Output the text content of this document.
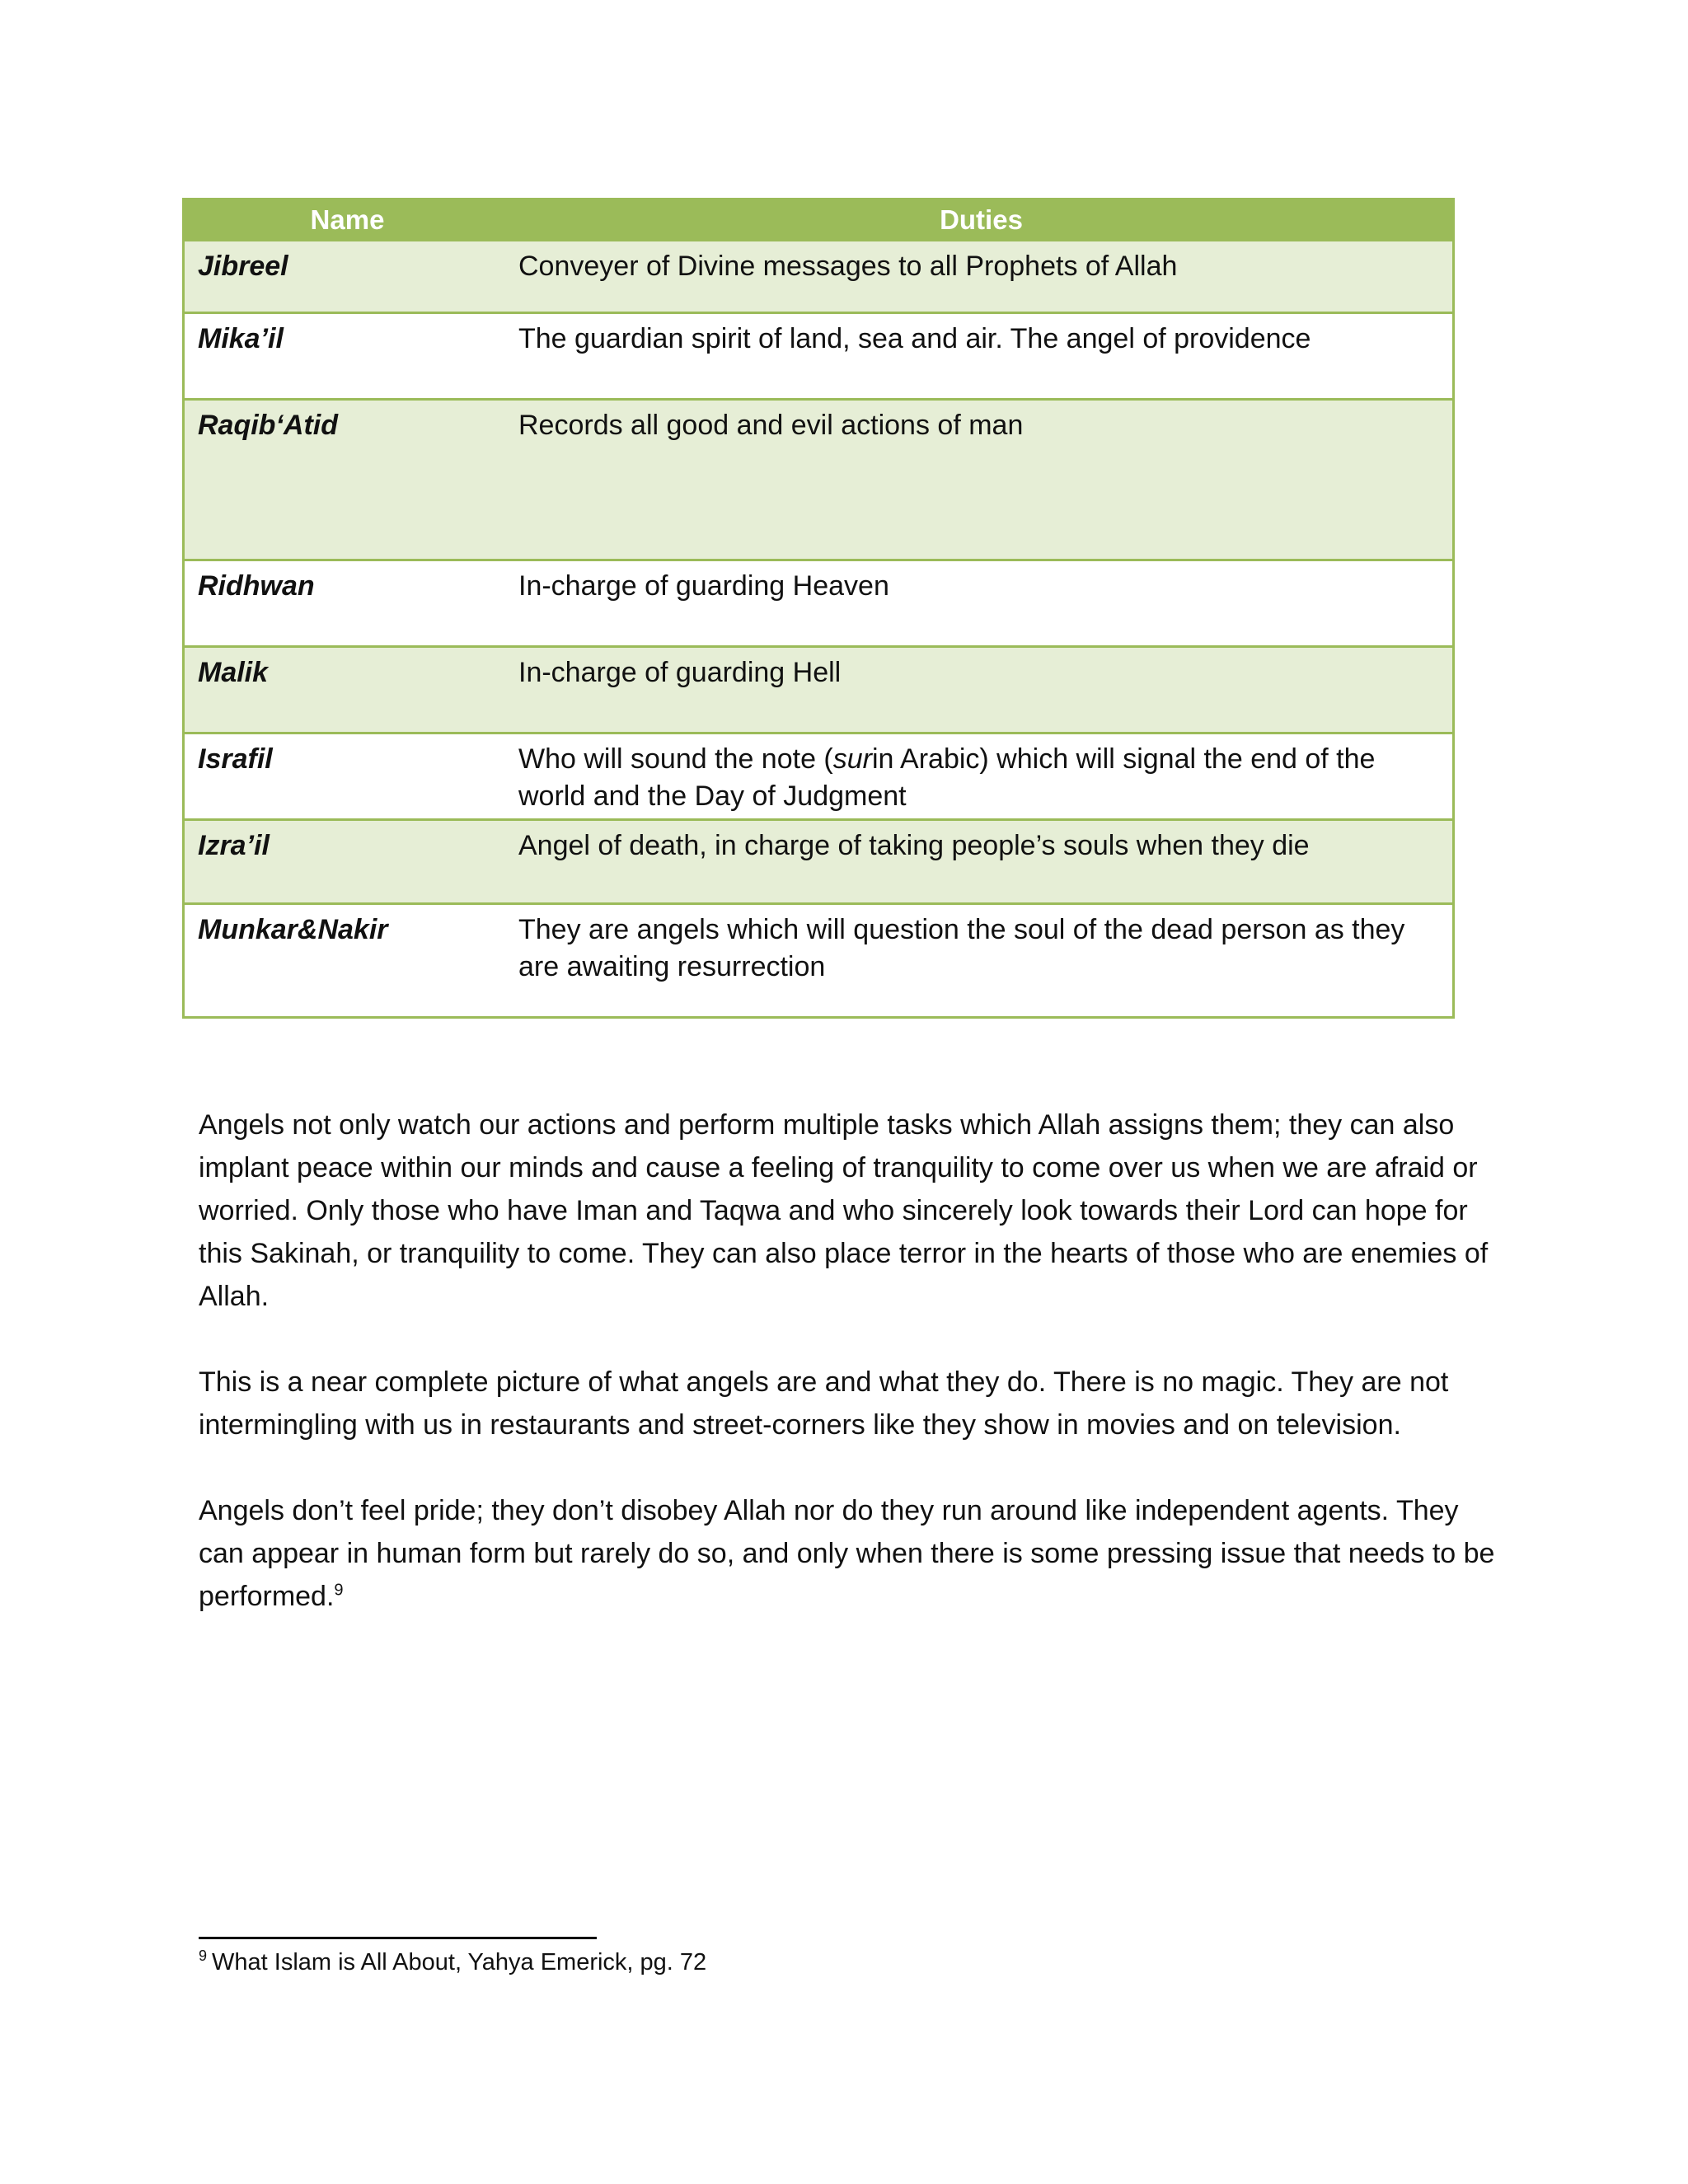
Name	Duties
Jibreel	Conveyer of Divine messages to all Prophets of Allah
Mika’il	The guardian spirit of land, sea and air. The angel of providence
Raqib‘Atid	Records all good and evil actions of man
Ridhwan	In-charge of guarding Heaven
Malik	In-charge of guarding Hell
Israfil	Who will sound the note (surin Arabic) which will signal the end of the world and the Day of Judgment
Izra’il	Angel of death, in charge of taking people’s souls when they die
Munkar&Nakir	They are angels which will question the soul of the dead person as they are awaiting resurrection

Angels not only watch our actions and perform multiple tasks which Allah assigns them; they can also implant peace within our minds and cause a feeling of tranquility to come over us when we are afraid or worried. Only those who have Iman and Taqwa and who sincerely look towards their Lord can hope for this Sakinah, or tranquility to come. They can also place terror in the hearts of those who are enemies of Allah.

This is a near complete picture of what angels are and what they do. There is no magic. They are not intermingling with us in restaurants and street-corners like they show in movies and on television.

Angels don’t feel pride; they don’t disobey Allah nor do they run around like independent agents. They can appear in human form but rarely do so, and only when there is some pressing issue that needs to be performed.$^9$

$^9$ What Islam is All About, Yahya Emerick, pg. 72
